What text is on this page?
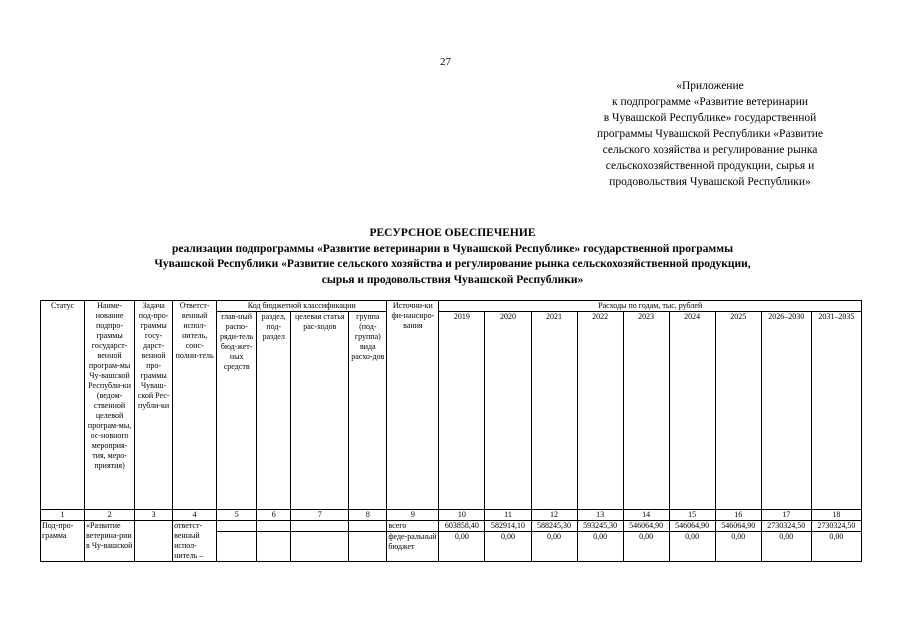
27
«Приложение
к подпрограмме «Развитие ветеринарии
в Чувашской Республике» государственной
программы Чувашской Республики «Развитие
сельского хозяйства и регулирование рынка
сельскохозяйственной продукции, сырья и
продовольствия Чувашской Республики»
РЕСУРСНОЕ ОБЕСПЕЧЕНИЕ
реализации подпрограммы «Развитие ветеринарии в Чувашской Республике» государственной программы
Чувашской Республики «Развитие сельского хозяйства и регулирование рынка сельскохозяйственной продукции,
сырья и продовольствия Чувашской Республики»
Статус	Наиме-нование подпро-граммы государст-венной програм-мы Чу-вашской Республи-ки (ведом-ственной целевой програм-мы, ос-новного мероприя-тия, меро-приятия)	Задача под-про-граммы госу-дарст-венной про-граммы Чуваш-ской Рес-публи-ки	Ответст-венный испол-нитель, соис-полни-тель	Код бюджетной классификации				Источни-ки фи-нансиро-вания	Расходы по годам, тыс. рублей								
				глав-ный распо-ряди-тель бюд-жет-ных средств	раздел, под-раздел	целевая статья рас-ходов	группа (под-группа) вида расхо-дов		2019	2020	2021	2022	2023	2024	2025	2026–2030	2031–2035
1	2	3	4	5	6	7	8	9	10	11	12	13	14	15	16	17	18
Под-про-грамма	«Развитие ветерина-рии в Чу-вашской		ответст-венный испол-нитель –					всего	603858,40	582914,10	588245,30	593245,30	546064,90	546064,90	546064,90	2730324,50	2730324,50
								феде-ральный бюджет	0,00	0,00	0,00	0,00	0,00	0,00	0,00	0,00	0,00
